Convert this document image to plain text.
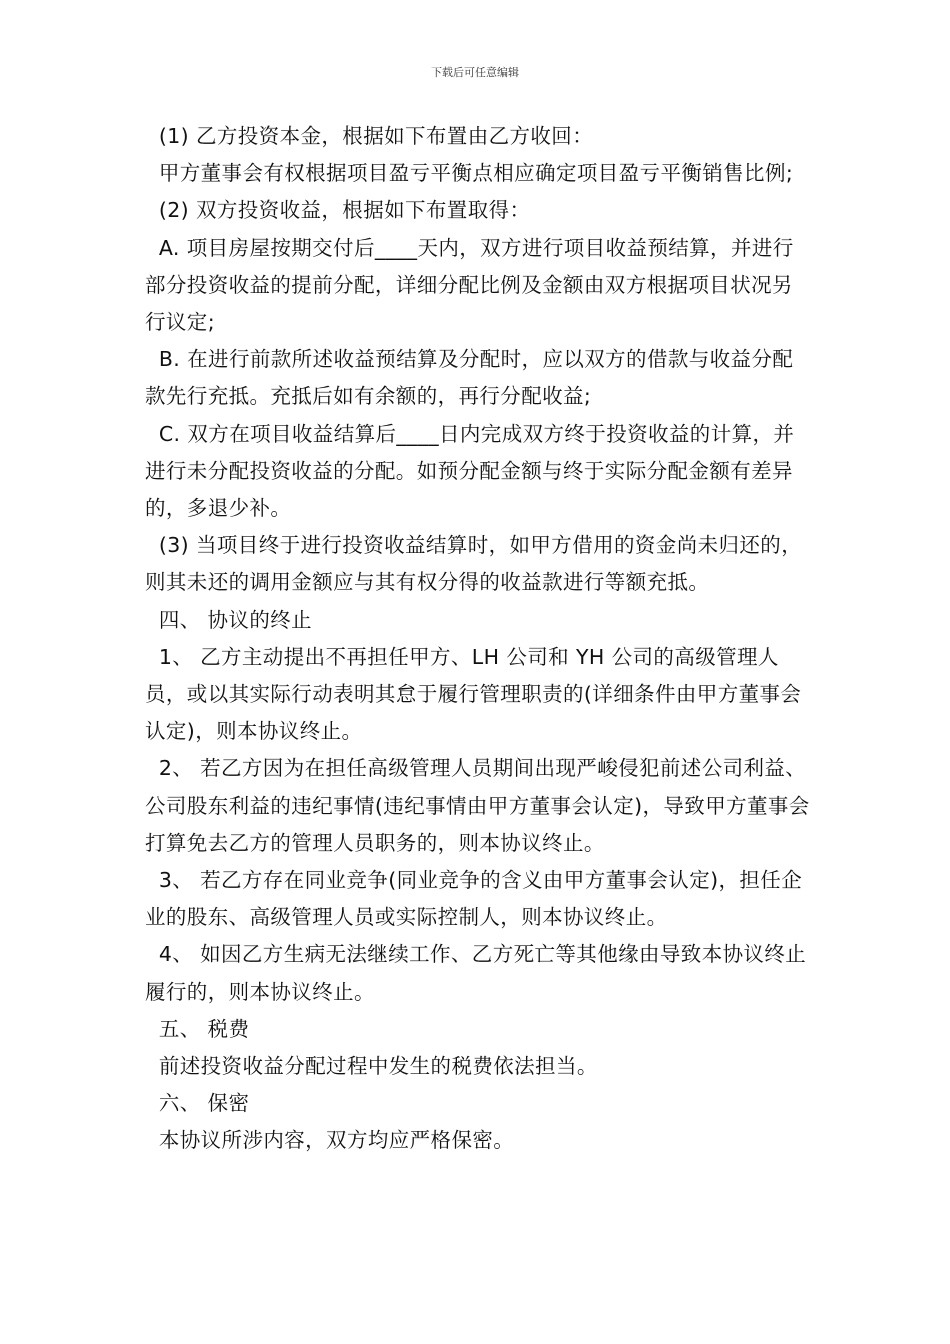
下载后可任意编辑

(1) 乙方投资本金，根据如下布置由乙方收回：

甲方董事会有权根据项目盈亏平衡点相应确定项目盈亏平衡销售比例;

(2) 双方投资收益，根据如下布置取得：

A. 项目房屋按期交付后____天内，双方进行项目收益预结算，并进行部分投资收益的提前分配，详细分配比例及金额由双方根据项目状况另行议定;

B. 在进行前款所述收益预结算及分配时，应以双方的借款与收益分配款先行充抵。充抵后如有余额的，再行分配收益;

C. 双方在项目收益结算后____日内完成双方终于投资收益的计算，并进行未分配投资收益的分配。如预分配金额与终于实际分配金额有差异的，多退少补。

(3) 当项目终于进行投资收益结算时，如甲方借用的资金尚未归还的，则其未还的调用金额应与其有权分得的收益款进行等额充抵。

四、 协议的终止

1、 乙方主动提出不再担任甲方、LH 公司和 YH 公司的高级管理人员，或以其实际行动表明其怠于履行管理职责的(详细条件由甲方董事会认定)，则本协议终止。

2、 若乙方因为在担任高级管理人员期间出现严峻侵犯前述公司利益、公司股东利益的违纪事情(违纪事情由甲方董事会认定)，导致甲方董事会打算免去乙方的管理人员职务的，则本协议终止。

3、 若乙方存在同业竞争(同业竞争的含义由甲方董事会认定)，担任企业的股东、高级管理人员或实际控制人，则本协议终止。

4、 如因乙方生病无法继续工作、乙方死亡等其他缘由导致本协议终止履行的，则本协议终止。

五、 税费

前述投资收益分配过程中发生的税费依法担当。

六、 保密

本协议所涉内容，双方均应严格保密。
